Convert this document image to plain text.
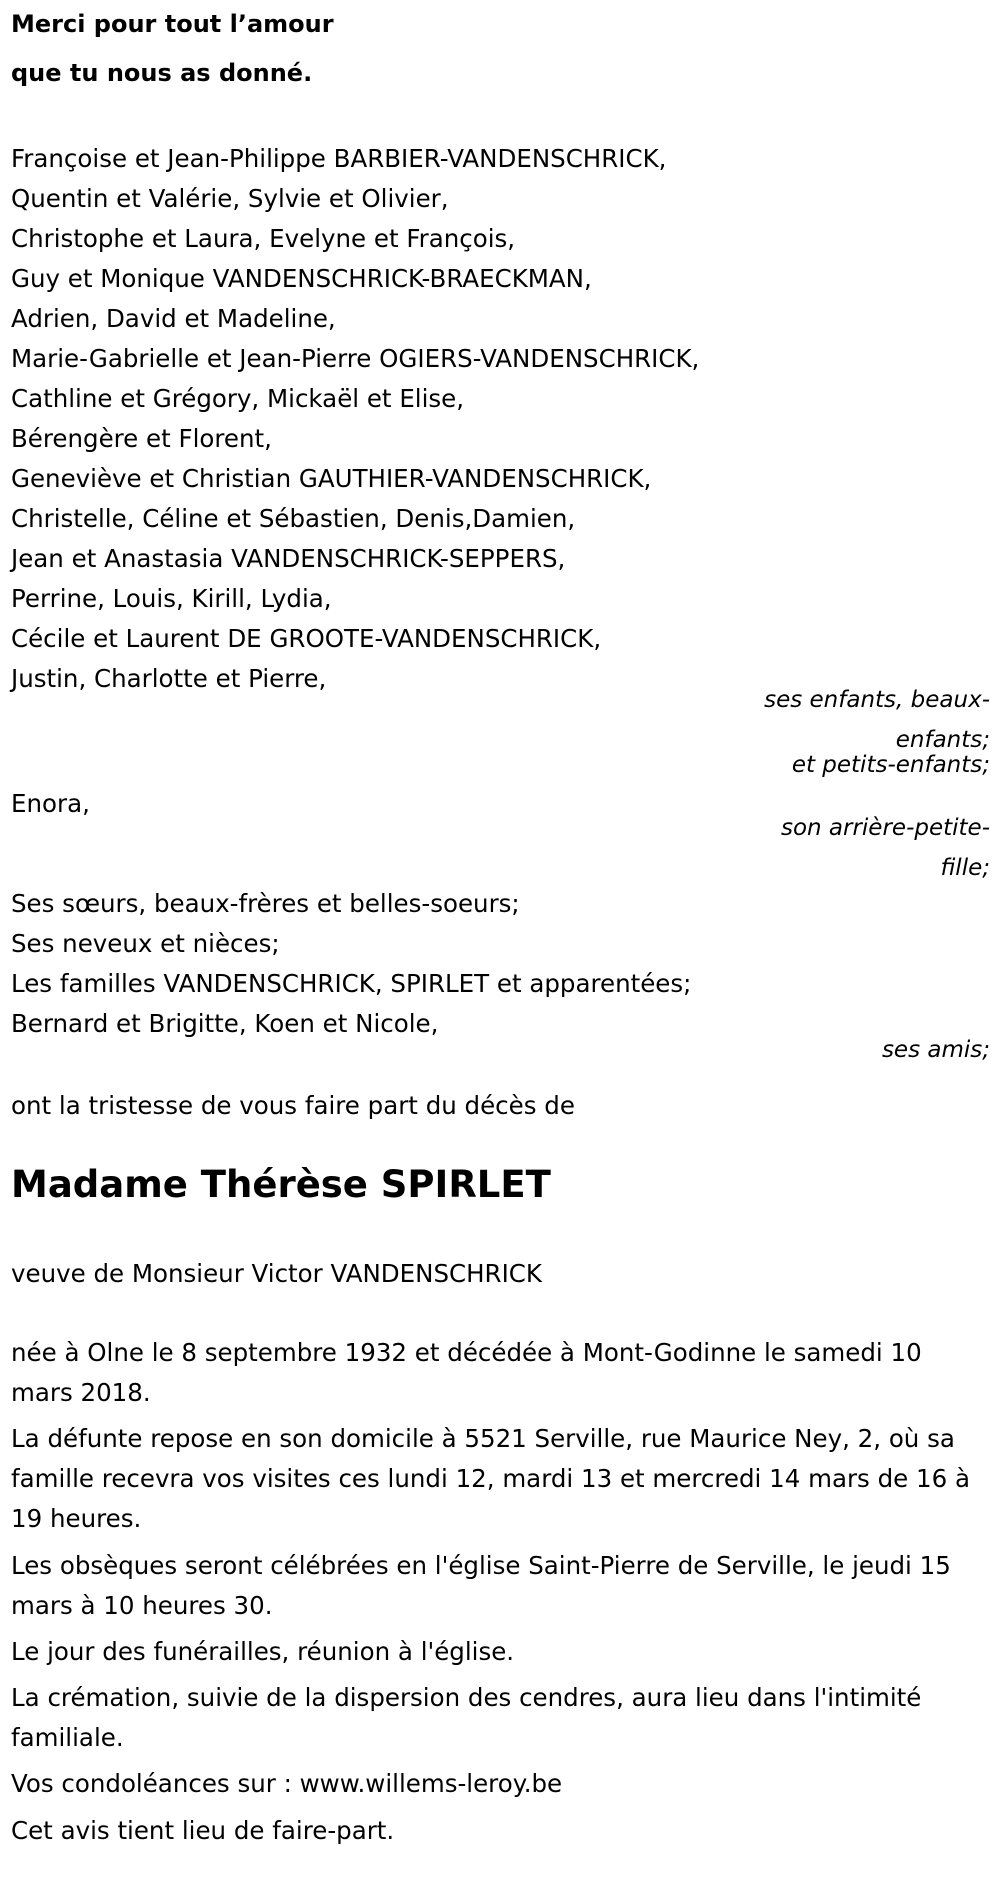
Merci pour tout l’amour
que tu nous as donné.
Françoise et Jean-Philippe BARBIER-VANDENSCHRICK,
Quentin et Valérie, Sylvie et Olivier,
Christophe et Laura, Evelyne et François,
Guy et Monique VANDENSCHRICK-BRAECKMAN,
Adrien, David et Madeline,
Marie-Gabrielle et Jean-Pierre OGIERS-VANDENSCHRICK,
Cathline et Grégory, Mickaël et Elise,
Bérengère et Florent,
Geneviève et Christian GAUTHIER-VANDENSCHRICK,
Christelle, Céline et Sébastien, Denis,Damien,
Jean et Anastasia VANDENSCHRICK-SEPPERS,
Perrine, Louis, Kirill, Lydia,
Cécile et Laurent DE GROOTE-VANDENSCHRICK,
Justin, Charlotte et Pierre,
ses enfants, beaux-
enfants;
et petits-enfants;
Enora,
son arrière-petite-
fille;
Ses sœurs, beaux-frères et belles-soeurs;
Ses neveux et nièces;
Les familles VANDENSCHRICK, SPIRLET et apparentées;
Bernard et Brigitte, Koen et Nicole,
ses amis;
ont la tristesse de vous faire part du décès de
Madame Thérèse SPIRLET
veuve de Monsieur Victor VANDENSCHRICK
née à Olne le 8 septembre 1932 et décédée à Mont-Godinne le samedi 10 mars 2018.
La défunte repose en son domicile à 5521 Serville, rue Maurice Ney, 2, où sa famille recevra vos visites ces lundi 12, mardi 13 et mercredi 14 mars de 16 à 19 heures.
Les obsèques seront célébrées en l'église Saint-Pierre de Serville, le jeudi 15 mars à 10 heures 30.
Le jour des funérailles, réunion à l'église.
La crémation, suivie de la dispersion des cendres, aura lieu dans l'intimité familiale.
Vos condoléances sur : www.willems-leroy.be
Cet avis tient lieu de faire-part.
